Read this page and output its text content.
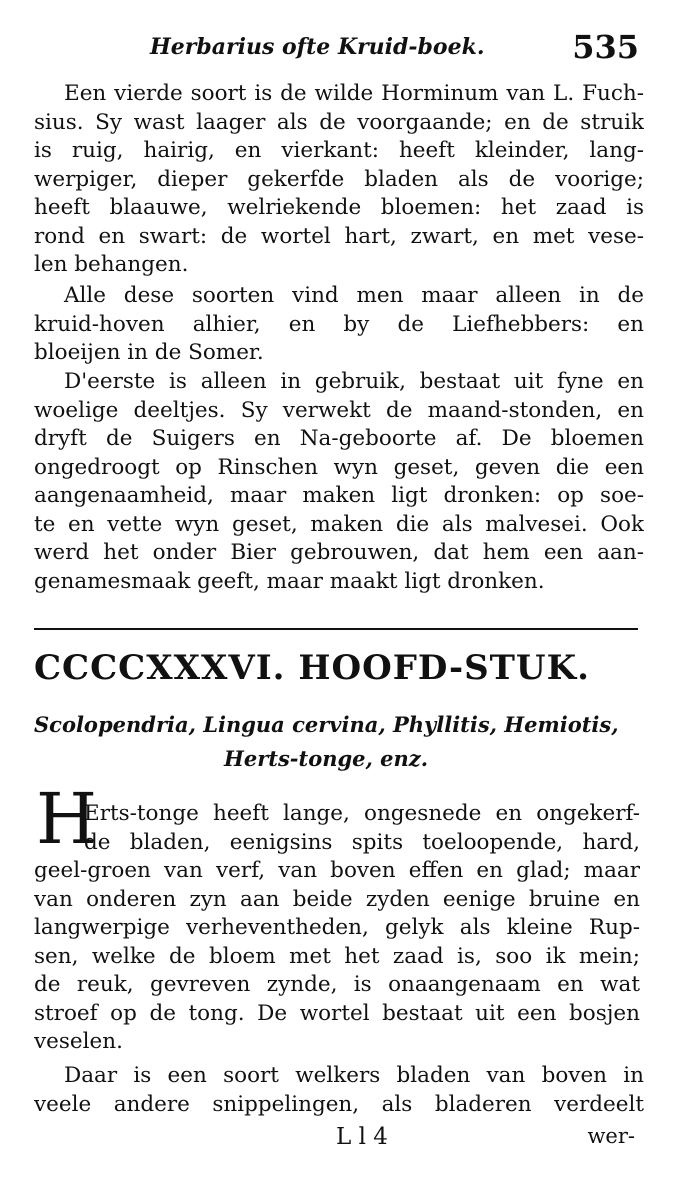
Herbarius ofte Kruid-boek.	535
Een vierde soort is de wilde Horminum van L. Fuch-
sius. Sy wast laager als de voorgaande; en de struik
is ruig, hairig, en vierkant: heeft kleinder, lang-
werpiger, dieper gekerfde bladen als de voorige;
heeft blaauwe, welriekende bloemen: het zaad is
rond en swart: de wortel hart, zwart, en met vese-
len behangen.
Alle dese soorten vind men maar alleen in de
kruid-hoven alhier, en by de Liefhebbers: en
bloeijen in de Somer.
D'eerste is alleen in gebruik, bestaat uit fyne en
woelige deeltjes. Sy verwekt de maand-stonden, en
dryft de Suigers en Na-geboorte af. De bloemen
ongedroogt op Rinschen wyn geset, geven die een
aangenaamheid, maar maken ligt dronken: op soe-
te en vette wyn geset, maken die als malvesei. Ook
werd het onder Bier gebrouwen, dat hem een aan-
genamesmaak geeft, maar maakt ligt dronken.
CCCCXXXVI. HOOFD-STUK.
Scolopendria, Lingua cervina, Phyllitis, Hemiotis,
Herts-tonge, enz.
H
Erts-tonge heeft lange, ongesnede en ongekerf-
de bladen, eenigsins spits toeloopende, hard,
geel-groen van verf, van boven effen en glad; maar
van onderen zyn aan beide zyden eenige bruine en
langwerpige verheventheden, gelyk als kleine Rup-
sen, welke de bloem met het zaad is, soo ik mein;
de reuk, gevreven zynde, is onaangenaam en wat
stroef op de tong. De wortel bestaat uit een bosjen
veselen.
Daar is een soort welkers bladen van boven in
veele andere snippelingen, als bladeren verdeelt
L l 4	wer-
